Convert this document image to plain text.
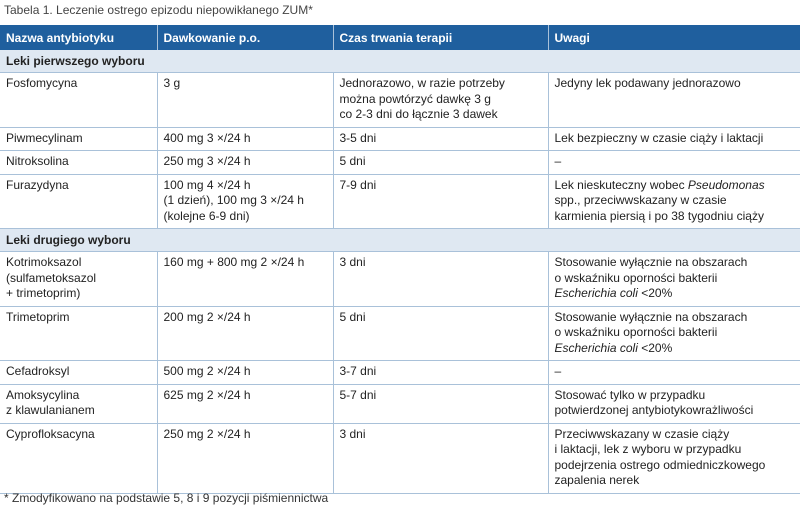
Tabela 1. Leczenie ostrego epizodu niepowikłanego ZUM*
Nazwa antybiotyku	Dawkowanie p.o.	Czas trwania terapii	Uwagi
Leki pierwszego wyboru			

Fosfomycyna	3 g	Jednorazowo, w razie potrzeby
można powtórzyć dawkę 3 g
co 2-3 dni do łącznie 3 dawek	Jedyny lek podawany jednorazowo

Piwmecylinam	400 mg 3 ×/24 h	3-5 dni	Lek bezpieczny w czasie ciąży i laktacji

Nitroksolina	250 mg 3 ×/24 h	5 dni	–

Furazydyna	100 mg 4 ×/24 h
(1 dzień), 100 mg 3 ×/24 h
(kolejne 6-9 dni)	7-9 dni	Lek nieskuteczny wobec Pseudomonas
spp., przeciwwskazany w czasie
karmienia piersią i po 38 tygodniu ciąży

Leki drugiego wyboru			

Kotrimoksazol
(sulfametoksazol
+ trimetoprim)	160 mg + 800 mg 2 ×/24 h	3 dni	Stosowanie wyłącznie na obszarach
o wskaźniku oporności bakterii
Escherichia coli <20%

Trimetoprim	200 mg 2 ×/24 h	5 dni	Stosowanie wyłącznie na obszarach
o wskaźniku oporności bakterii
Escherichia coli <20%

Cefadroksyl	500 mg 2 ×/24 h	3-7 dni	–

Amoksycylina
z klawulanianem	625 mg 2 ×/24 h	5-7 dni	Stosować tylko w przypadku
potwierdzonej antybiotykowrażliwości

Cyprofloksacyna	250 mg 2 ×/24 h	3 dni	Przeciwwskazany w czasie ciąży
i laktacji, lek z wyboru w przypadku
podejrzenia ostrego odmiedniczkowego
zapalenia nerek
* Zmodyfikowano na podstawie 5, 8 i 9 pozycji piśmiennictwa
